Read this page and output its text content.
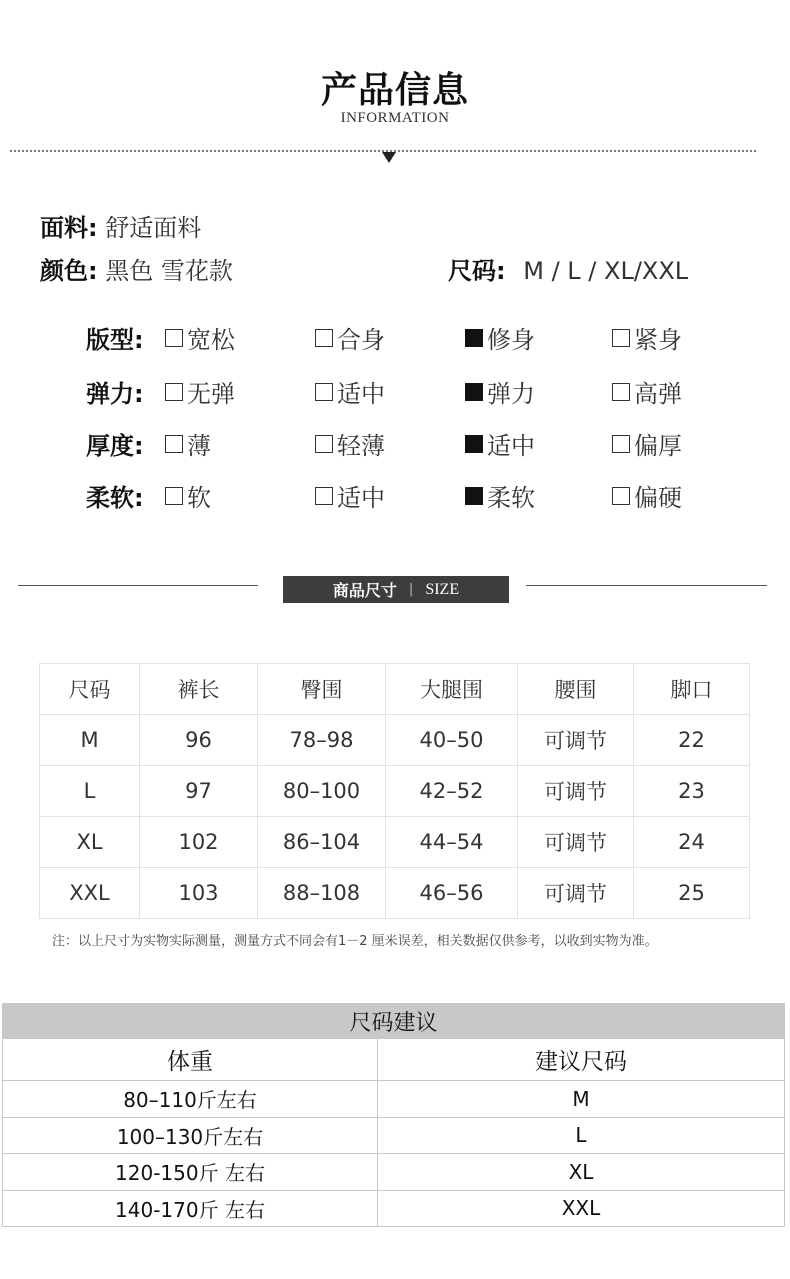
产品信息
INFORMATION
面料: 舒适面料
颜色: 黑色 雪花款	尺码: M / L / XL/XXL
版型: 宽松	合身	修身	紧身
弹力: 无弹	适中	弹力	高弹
厚度: 薄	轻薄	适中	偏厚
柔软: 软	适中	柔软	偏硬
商品尺寸 | SIZE
尺码	裤长	臀围	大腿围	腰围	脚口
M	96	78–98	40–50	可调节	22
L	97	80–100	42–52	可调节	23
XL	102	86–104	44–54	可调节	24
XXL	103	88–108	46–56	可调节	25
注：以上尺寸为实物实际测量，测量方式不同会有1－2 厘米误差，相关数据仅供参考，以收到实物为准。
尺码建议	
体重	建议尺码
80–110斤左右	M
100–130斤左右	L
120-150斤 左右	XL
140-170斤 左右	XXL
